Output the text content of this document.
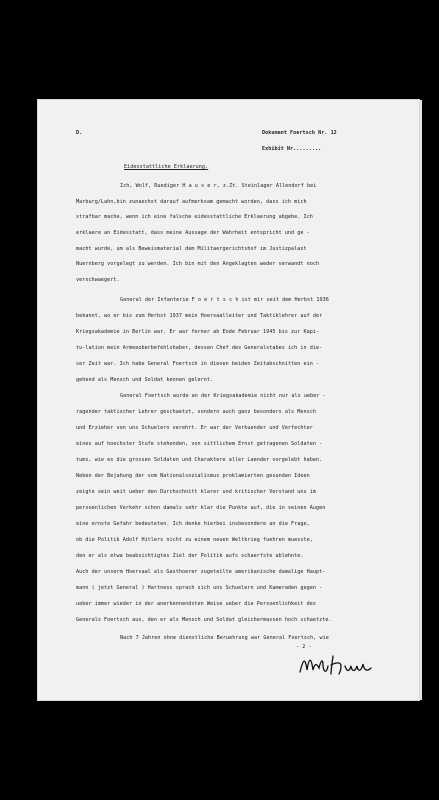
D.	Dokument Foertsch Nr. 12
Exhibit Nr.........
Eidesstattliche Erklaerung.
Ich, Wolf, Ruediger H a u s e r, z.Zt. Steinlager Allendorf bei
Marburg/Lahn,bin zunaechst darauf aufmerksam gemacht worden, dass ich mich
strafbar mache, wenn ich eine falsche eidesstattliche Erklaerung abgebe. Ich
erklaere an Eidesstatt, dass meine Aussage der Wahrheit entspricht und ge -
macht wurde, um als Beweismaterial dem Militaergerichtshof im Justizpalast
Nuernberg vorgelegt zu werden. Ich bin mit den Angeklagten weder verwandt noch
verschwaegert.
General der Infanterie F o e r t s c h ist mir seit dem Herbst 1936
bekannt, wo er bis zum Herbst 1937 mein Hoersaalleiter und Taktiklehrer auf der
Kriegsakademie in Berlin war. Er war ferner ab Ende Februar 1945 bis zur Kapi-
tu-lation mein Armeeoberbefehlshaber, dessen Chef des Generalstabes ich in die-
ser Zeit war. Ich habe General Foertsch in diesen beiden Zeitabschnitten ein -
gehend als Mensch und Soldat kennen gelernt.
General Foertsch wurde an der Kriegsakademie nicht nur als ueber -
ragender taktischer Lehrer geschaetzt, sondern auch ganz besonders als Mensch
und Erzieher von uns Schuelern verehrt. Er war der Verkuender und Verfechter
eines auf hoechster Stufe stehenden, von sittlichem Ernst getragenen Soldaten -
tums, wie es die grossen Soldaten und Charaktere aller Laender vorgelebt haben.
Neben der Bejahung der vom Nationalsozialismus proklamierten gesunden Ideen
zeigte sein weit ueber den Durchschnitt klarer und kritischer Verstand uns im
persoenlichen Verkehr schon damals sehr klar die Punkte auf, die in seinen Augen
eine ernste Gefahr bedeuteten. Ich denke hierbei insbesondere an die Frage,
ob die Politik Adolf Hitlers nicht zu einem neuen Weltkrieg fuehren muesste,
den er als etwa beabsichtigtes Ziel der Politik aufs schaerfste ablehnte.
Auch der unserm Hoersaal als Gasthoerer zugeteilte amerikanische damalige Haupt-
mann ( jetzt General ) Hartness sprach sich uns Schuelern und Kameraden gegen -
ueber immer wieder in der anerkennendsten Weise ueber die Persoenlichkeit des
Generals Foertsch aus, den er als Mensch und Soldat gleichermassen hoch schaetzte.
Nach 7 Jahren ohne dienstliche Beruehrung war General Foertsch, wie
- 2 -
